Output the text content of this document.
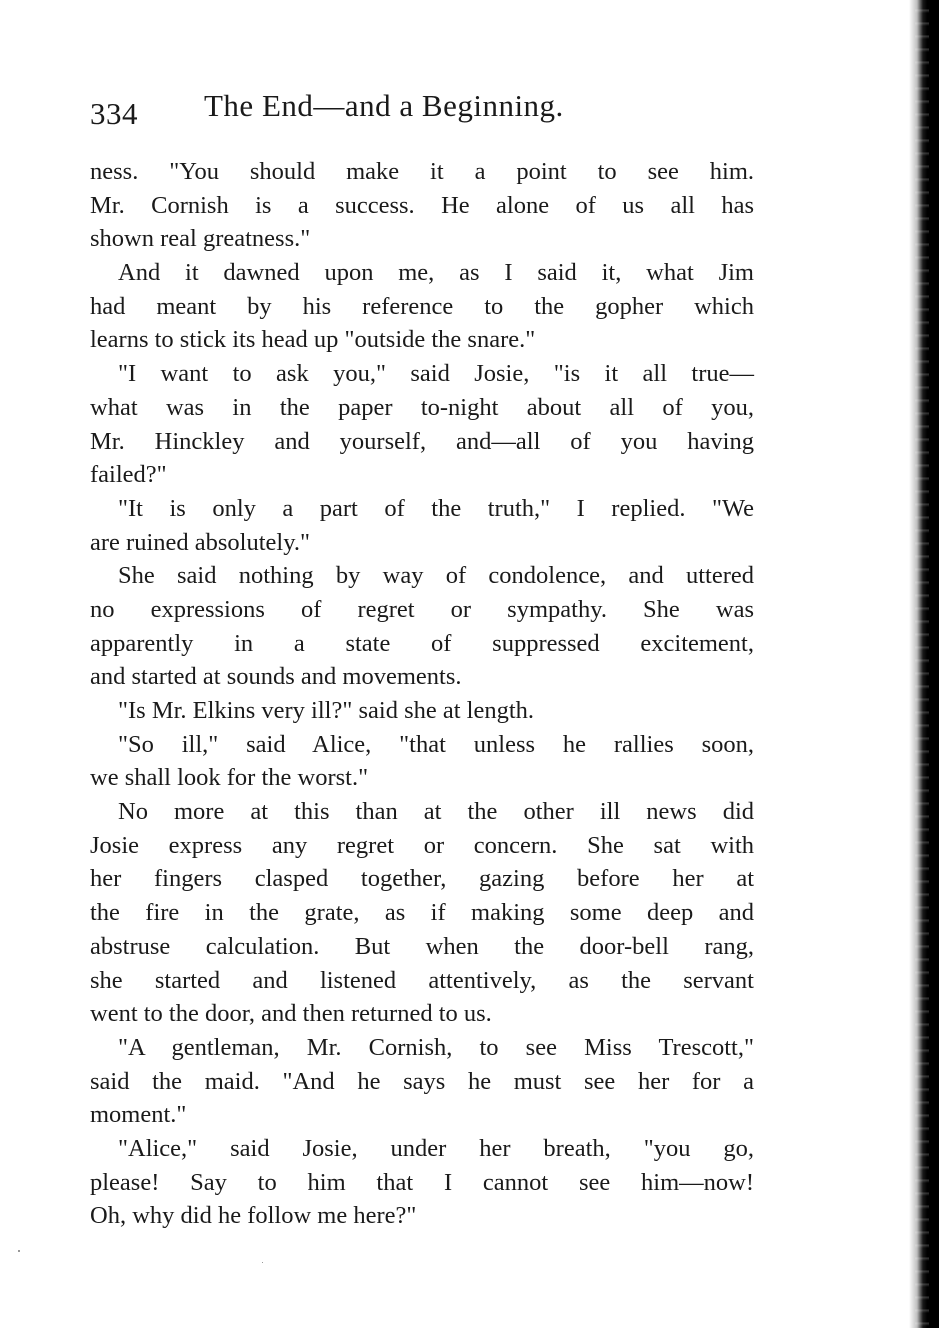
334 The End—and a Beginning.
ness. "You should make it a point to see him.
Mr. Cornish is a success. He alone of us all has
shown real greatness."
And it dawned upon me, as I said it, what Jim
had meant by his reference to the gopher which
learns to stick its head up "outside the snare."
"I want to ask you," said Josie, "is it all true—
what was in the paper to-night about all of you,
Mr. Hinckley and yourself, and—all of you having
failed?"
"It is only a part of the truth," I replied. "We
are ruined absolutely."
She said nothing by way of condolence, and uttered
no expressions of regret or sympathy. She was
apparently in a state of suppressed excitement,
and started at sounds and movements.
"Is Mr. Elkins very ill?" said she at length.
"So ill," said Alice, "that unless he rallies soon,
we shall look for the worst."
No more at this than at the other ill news did
Josie express any regret or concern. She sat with
her fingers clasped together, gazing before her at
the fire in the grate, as if making some deep and
abstruse calculation. But when the door-bell rang,
she started and listened attentively, as the servant
went to the door, and then returned to us.
"A gentleman, Mr. Cornish, to see Miss Trescott,"
said the maid. "And he says he must see her for a
moment."
"Alice," said Josie, under her breath, "you go,
please! Say to him that I cannot see him—now!
Oh, why did he follow me here?"
